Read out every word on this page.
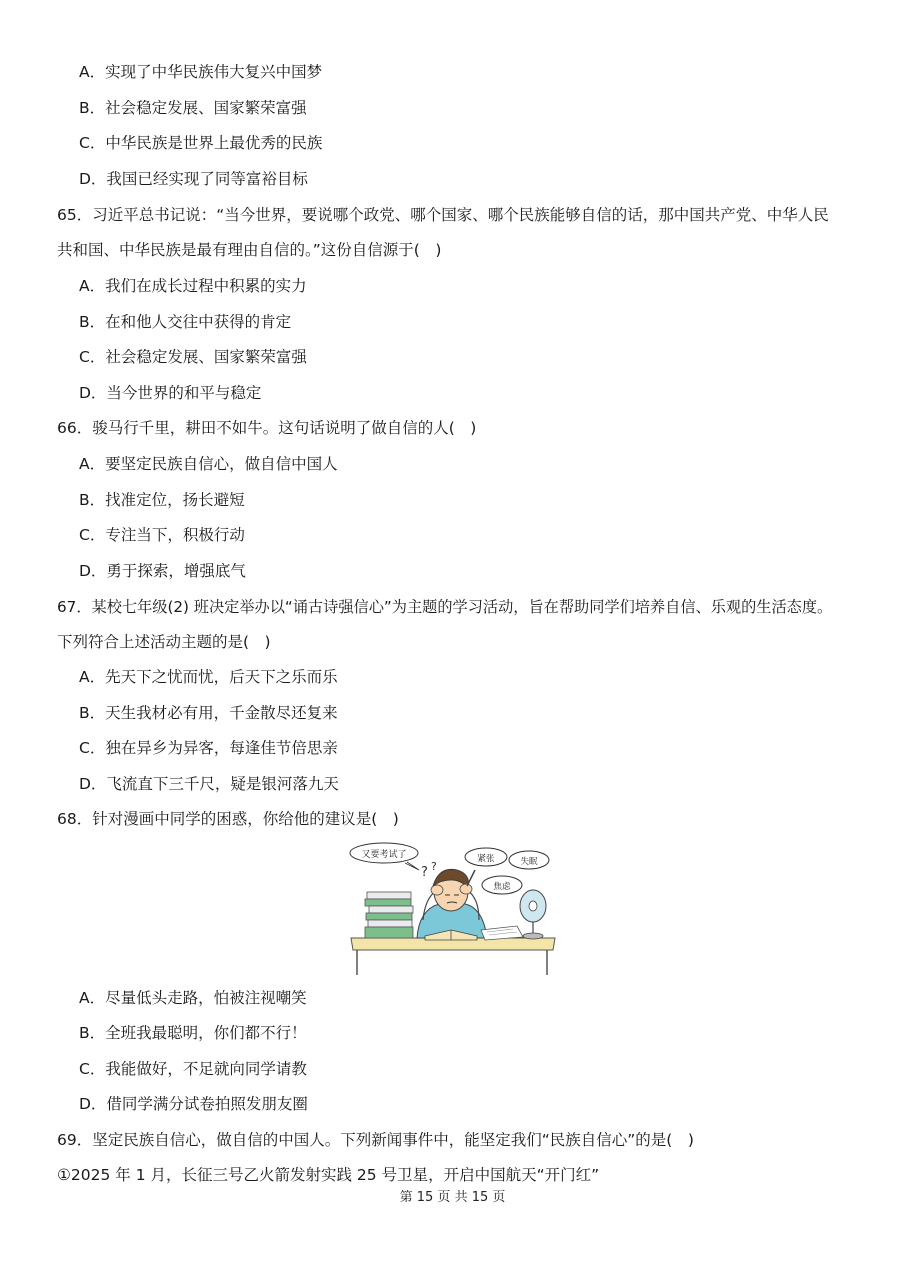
A．实现了中华民族伟大复兴中国梦
B．社会稳定发展、国家繁荣富强
C．中华民族是世界上最优秀的民族
D．我国已经实现了同等富裕目标
65．习近平总书记说：“当今世界，要说哪个政党、哪个国家、哪个民族能够自信的话，那中国共产党、中华人民
共和国、中华民族是最有理由自信的。”这份自信源于(　)
A．我们在成长过程中积累的实力
B．在和他人交往中获得的肯定
C．社会稳定发展、国家繁荣富强
D．当今世界的和平与稳定
66．骏马行千里，耕田不如牛。这句话说明了做自信的人(　)
A．要坚定民族自信心，做自信中国人
B．找准定位，扬长避短
C．专注当下，积极行动
D．勇于探索，增强底气
67．某校七年级(2) 班决定举办以“诵古诗强信心”为主题的学习活动，旨在帮助同学们培养自信、乐观的生活态度。
下列符合上述活动主题的是(　)
A．先天下之忧而忧，后天下之乐而乐
B．天生我材必有用，千金散尽还复来
C．独在异乡为异客，每逢佳节倍思亲
D．飞流直下三千尺，疑是银河落九天
68．针对漫画中同学的困惑，你给他的建议是(　)
又要考试了
? ?
紧张	失眠
焦虑
A．尽量低头走路，怕被注视嘲笑
B．全班我最聪明，你们都不行！
C．我能做好，不足就向同学请教
D．借同学满分试卷拍照发朋友圈
69．坚定民族自信心，做自信的中国人。下列新闻事件中，能坚定我们“民族自信心”的是(　)
①2025 年 1 月，长征三号乙火箭发射实践 25 号卫星，开启中国航天“开门红”
第 15 页 共 15 页
